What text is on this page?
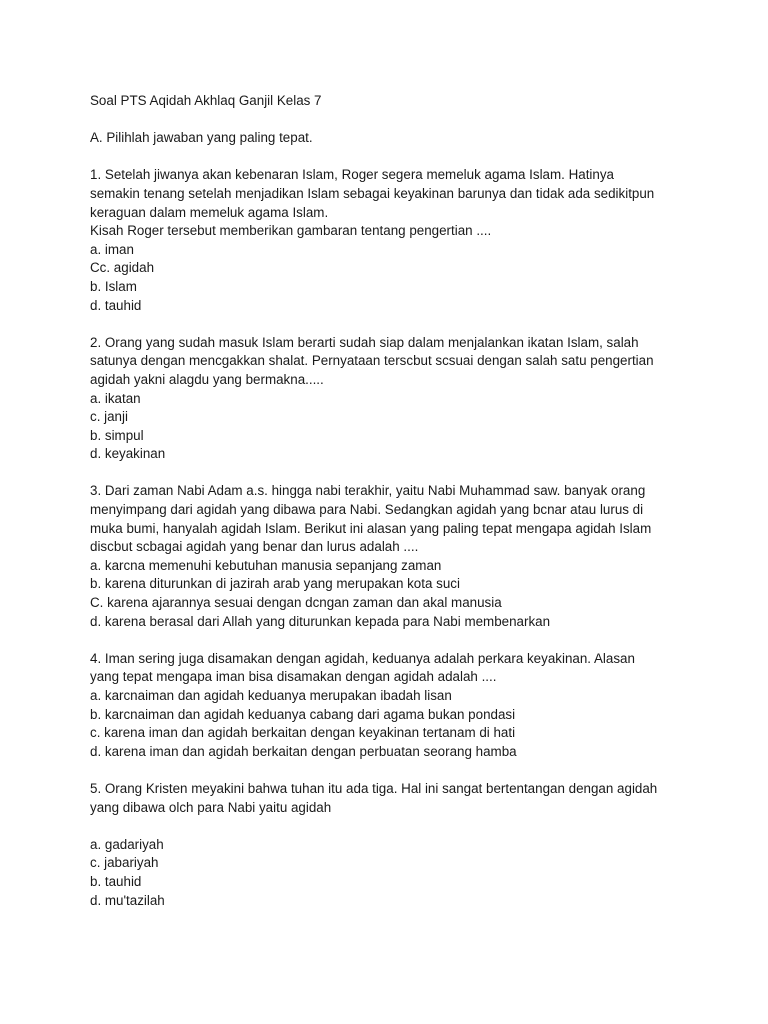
Soal PTS Aqidah Akhlaq Ganjil Kelas 7
A. Pilihlah jawaban yang paling tepat.
1. Setelah jiwanya akan kebenaran Islam, Roger segera memeluk agama Islam. Hatinya
semakin tenang setelah menjadikan Islam sebagai keyakinan barunya dan tidak ada sedikitpun
keraguan dalam memeluk agama Islam.
Kisah Roger tersebut memberikan gambaran tentang pengertian ....
a. iman
Cc. agidah
b. Islam
d. tauhid
2. Orang yang sudah masuk Islam berarti sudah siap dalam menjalankan ikatan Islam, salah
satunya dengan mencgakkan shalat. Pernyataan terscbut scsuai dengan salah satu pengertian
agidah yakni alagdu yang bermakna.....
a. ikatan
c. janji
b. simpul
d. keyakinan
3. Dari zaman Nabi Adam a.s. hingga nabi terakhir, yaitu Nabi Muhammad saw. banyak orang
menyimpang dari agidah yang dibawa para Nabi. Sedangkan agidah yang bcnar atau lurus di
muka bumi, hanyalah agidah Islam. Berikut ini alasan yang paling tepat mengapa agidah Islam
discbut scbagai agidah yang benar dan lurus adalah ....
a. karcna memenuhi kebutuhan manusia sepanjang zaman
b. karena diturunkan di jazirah arab yang merupakan kota suci
C. karena ajarannya sesuai dengan dcngan zaman dan akal manusia
d. karena berasal dari Allah yang diturunkan kepada para Nabi membenarkan
4. Iman sering juga disamakan dengan agidah, keduanya adalah perkara keyakinan. Alasan
yang tepat mengapa iman bisa disamakan dengan agidah adalah ....
a. karcnaiman dan agidah keduanya merupakan ibadah lisan
b. karcnaiman dan agidah keduanya cabang dari agama bukan pondasi
c. karena iman dan agidah berkaitan dengan keyakinan tertanam di hati
d. karena iman dan agidah berkaitan dengan perbuatan seorang hamba
5. Orang Kristen meyakini bahwa tuhan itu ada tiga. Hal ini sangat bertentangan dengan agidah
yang dibawa olch para Nabi yaitu agidah
a. gadariyah
c. jabariyah
b. tauhid
d. mu'tazilah
